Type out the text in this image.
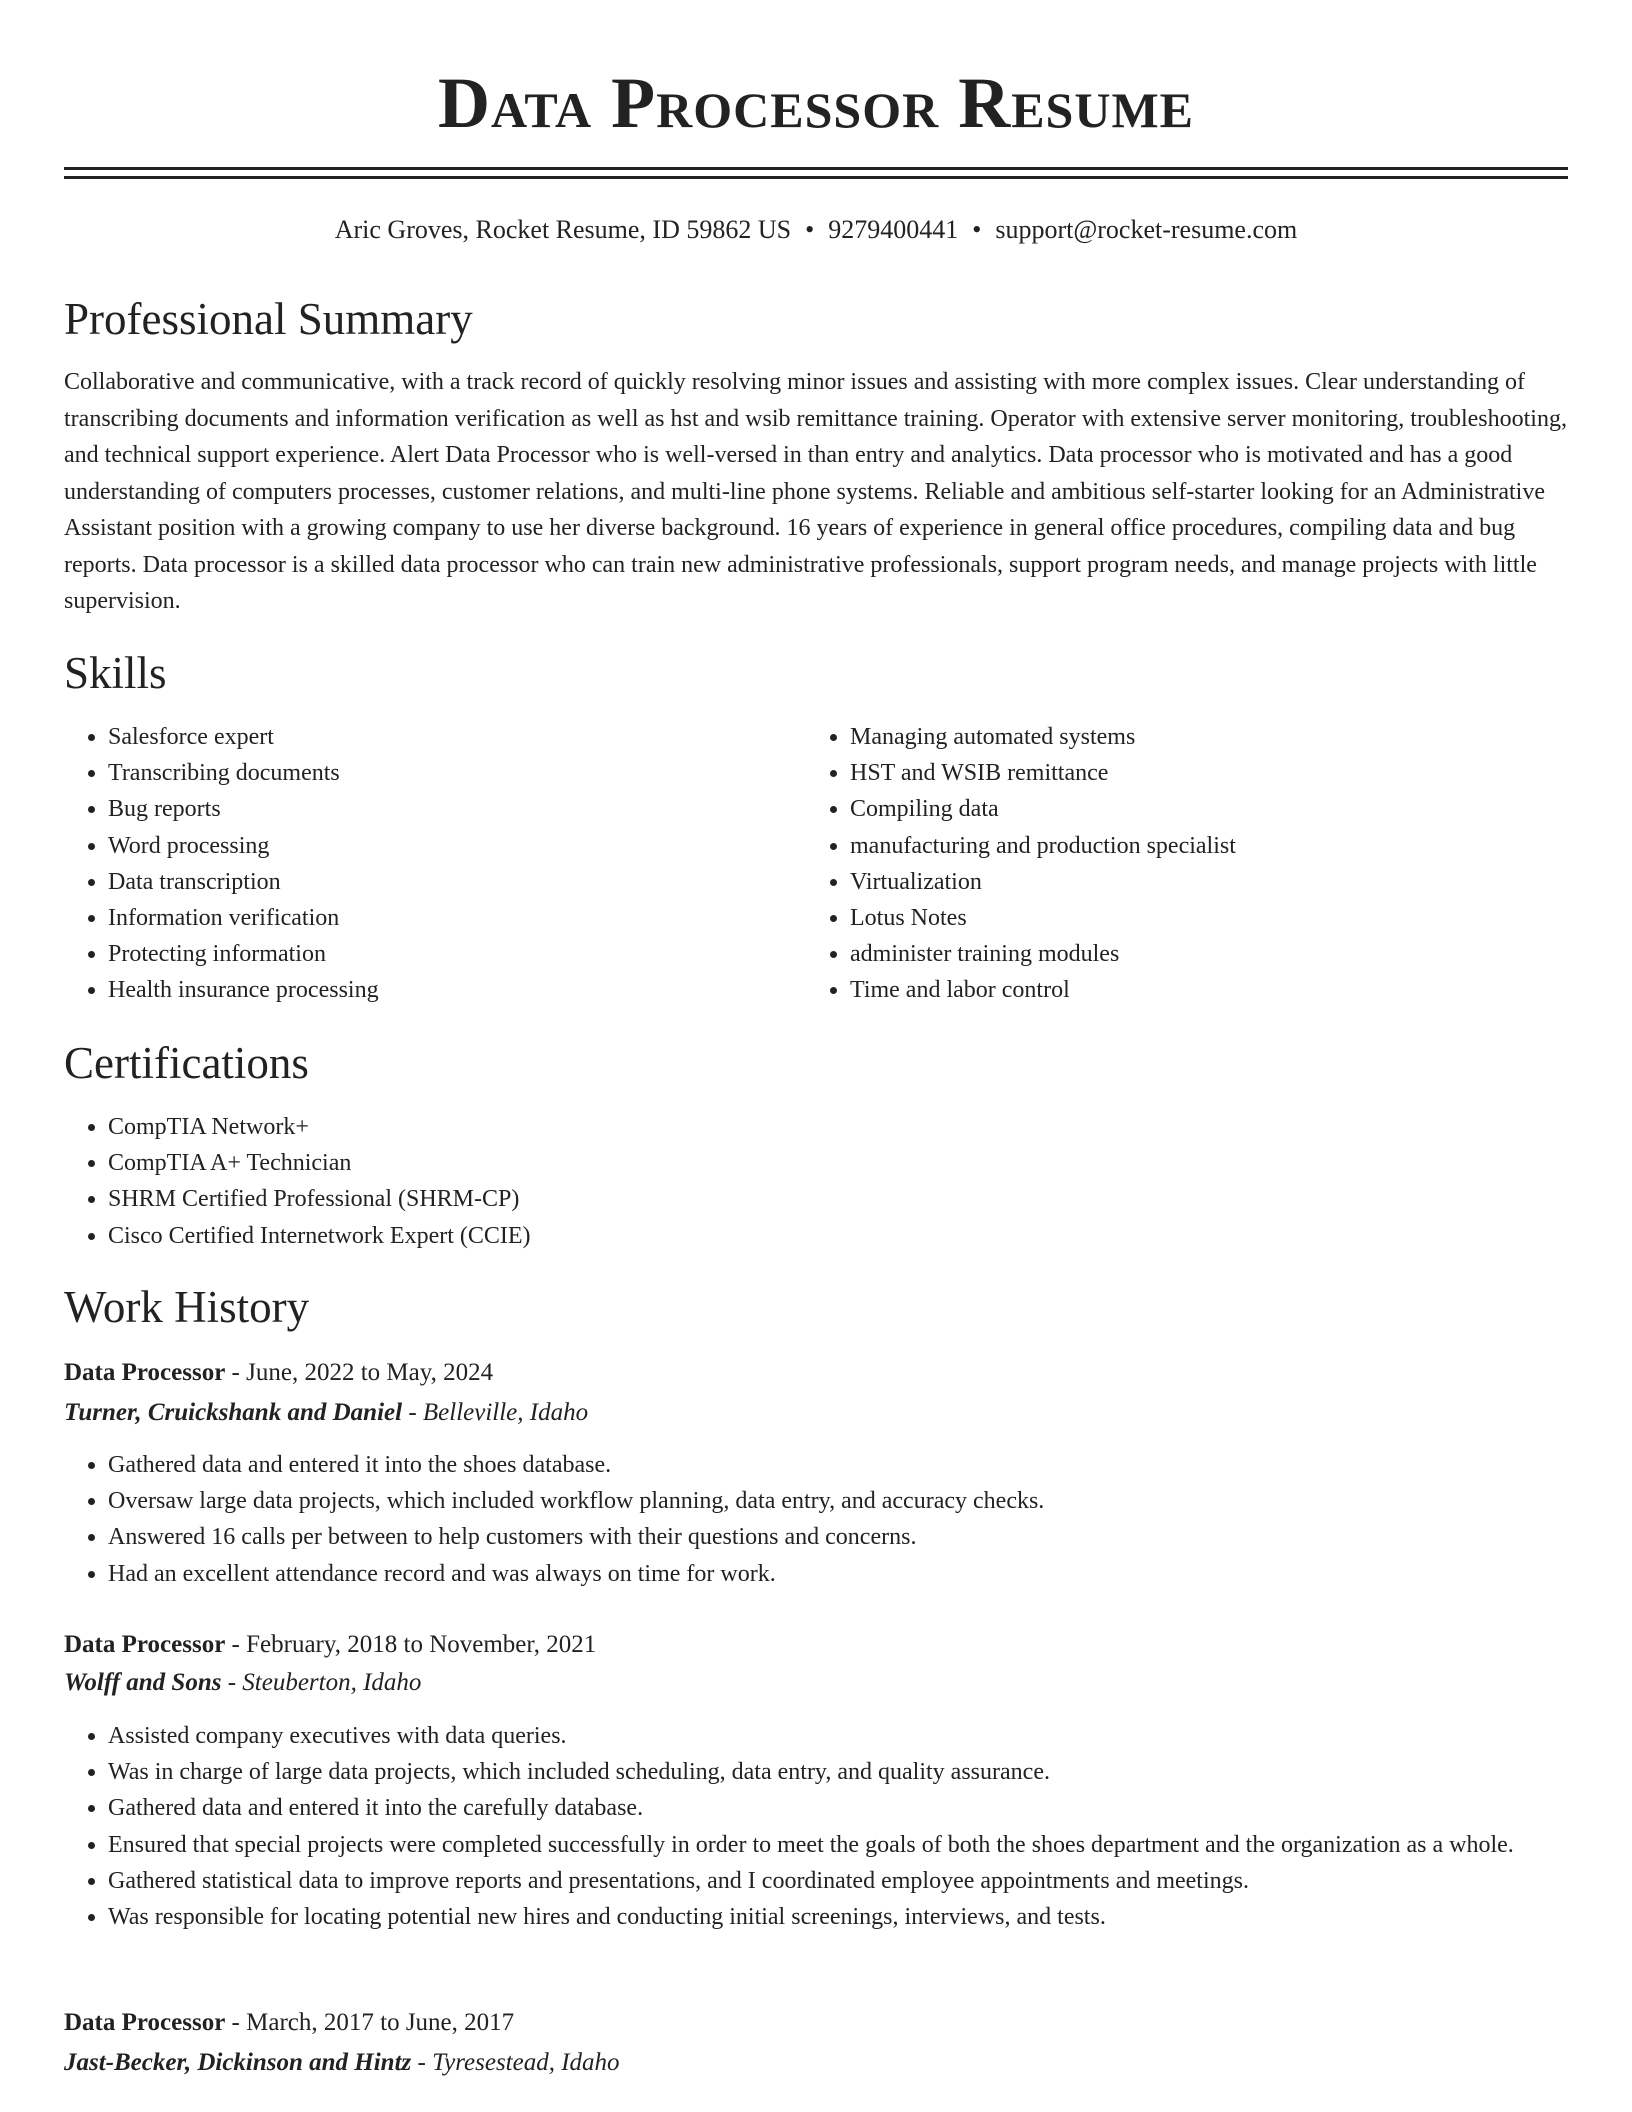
Data Processor Resume
Aric Groves, Rocket Resume, ID 59862 US • 9279400441 • support@rocket-resume.com
Professional Summary

Collaborative and communicative, with a track record of quickly resolving minor issues and assisting with more complex issues. Clear understanding of transcribing documents and information verification as well as hst and wsib remittance training. Operator with extensive server monitoring, troubleshooting, and technical support experience. Alert Data Processor who is well-versed in than entry and analytics. Data processor who is motivated and has a good understanding of computers processes, customer relations, and multi-line phone systems. Reliable and ambitious self-starter looking for an Administrative Assistant position with a growing company to use her diverse background. 16 years of experience in general office procedures, compiling data and bug reports. Data processor is a skilled data processor who can train new administrative professionals, support program needs, and manage projects with little supervision.

Skills
• Salesforce expert
• Transcribing documents
• Bug reports
• Word processing
• Data transcription
• Information verification
• Protecting information
• Health insurance processing
• Managing automated systems
• HST and WSIB remittance
• Compiling data
• manufacturing and production specialist
• Virtualization
• Lotus Notes
• administer training modules
• Time and labor control
Certifications
• CompTIA Network+
• CompTIA A+ Technician
• SHRM Certified Professional (SHRM-CP)
• Cisco Certified Internetwork Expert (CCIE)
Work History
Data Processor - June, 2022 to May, 2024
Turner, Cruickshank and Daniel - Belleville, Idaho
• Gathered data and entered it into the shoes database.
• Oversaw large data projects, which included workflow planning, data entry, and accuracy checks.
• Answered 16 calls per between to help customers with their questions and concerns.
• Had an excellent attendance record and was always on time for work.
Data Processor - February, 2018 to November, 2021
Wolff and Sons - Steuberton, Idaho
• Assisted company executives with data queries.
• Was in charge of large data projects, which included scheduling, data entry, and quality assurance.
• Gathered data and entered it into the carefully database.
• Ensured that special projects were completed successfully in order to meet the goals of both the shoes department and the organization as a whole.
• Gathered statistical data to improve reports and presentations, and I coordinated employee appointments and meetings.
• Was responsible for locating potential new hires and conducting initial screenings, interviews, and tests.
Data Processor - March, 2017 to June, 2017
Jast-Becker, Dickinson and Hintz - Tyresestead, Idaho
